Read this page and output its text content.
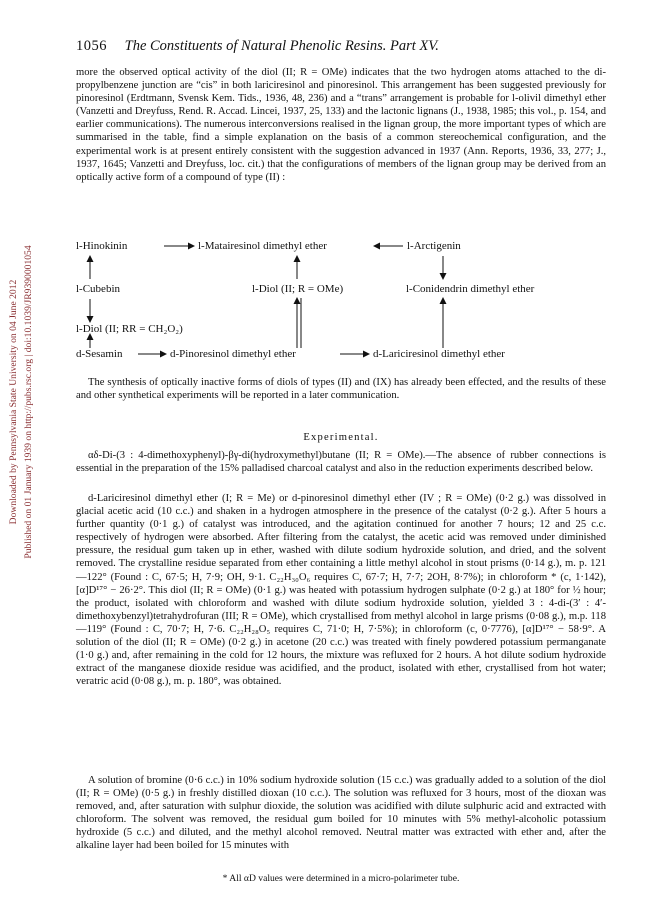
Downloaded by Pennsylvania State University on 04 June 2012 Published on 01 January 1939 on http://pubs.rsc.org | doi:10.1039/JR9390001054
1056 The Constituents of Natural Phenolic Resins. Part XV.

more the observed optical activity of the diol (II; R = OMe) indicates that the two hydrogen atoms attached to the di-propylbenzene junction are “cis” in both lariciresinol and pinoresinol. This arrangement has been suggested previously for pinoresinol (Erdtmann, Svensk Kem. Tids., 1936, 48, 236) and a “trans” arrangement is probable for l-olivil dimethyl ether (Vanzetti and Dreyfuss, Rend. R. Accad. Lincei, 1937, 25, 133) and the lactonic lignans (J., 1938, 1985; this vol., p. 154, and earlier communications). The numerous interconversions realised in the lignan group, the more important types of which are summarised in the table, find a simple explanation on the basis of a common stereochemical configuration, and the experimental work is at present entirely consistent with the suggestion advanced in 1937 (Ann. Reports, 1936, 33, 277; J., 1937, 1645; Vanzetti and Dreyfuss, loc. cit.) that the configurations of members of the lignan group may be derived from an optically active form of a compound of type (II) :

l-Hinokinin	l-Matairesinol dimethyl ether	l-Arctigenin
l-Cubebin	l-Diol (II; R = OMe)	l-Conidendrin dimethyl ether
l-Diol (II; RR = CH₂O₂)
d-Sesamin	d-Pinoresinol dimethyl ether	d-Lariciresinol dimethyl ether

The synthesis of optically inactive forms of diols of types (II) and (IX) has already been effected, and the results of these and other synthetical experiments will be reported in a later communication.

Experimental.

αδ-Di-(3 : 4-dimethoxyphenyl)-βγ-di(hydroxymethyl)butane (II; R = OMe).—The absence of rubber connections is essential in the preparation of the 15% palladised charcoal catalyst and also in the reduction experiments described below.

d-Lariciresinol dimethyl ether (I; R = Me) or d-pinoresinol dimethyl ether (IV ; R = OMe) (0·2 g.) was dissolved in glacial acetic acid (10 c.c.) and shaken in a hydrogen atmosphere in the presence of the catalyst (0·2 g.). After 5 hours a further quantity (0·1 g.) of catalyst was introduced, and the agitation continued for another 7 hours; 12 and 25 c.c. respectively of hydrogen were absorbed. After filtering from the catalyst, the acetic acid was removed under diminished pressure, the residual gum taken up in ether, washed with dilute sodium hydroxide solution, and dried, and the solvent removed. The crystalline residue separated from ether containing a little methyl alcohol in stout prisms (0·14 g.), m. p. 121—122° (Found : C, 67·5; H, 7·9; OH, 9·1. C₂₂H₃₀O₆ requires C, 67·7; H, 7·7; 2OH, 8·7%); in chloroform * (c, 1·142), [α]D¹⁷° − 26·2°. This diol (II; R = OMe) (0·1 g.) was heated with potassium hydrogen sulphate (0·2 g.) at 180° for ½ hour; the product, isolated with chloroform and washed with dilute sodium hydroxide solution, yielded 3 : 4-di-(3′ : 4′-dimethoxybenzyl)tetrahydrofuran (III; R = OMe), which crystallised from methyl alcohol in large prisms (0·08 g.), m.p. 118—119° (Found : C, 70·7; H, 7·6. C₂₂H₂₈O₅ requires C, 71·0; H, 7·5%); in chloroform (c, 0·7776), [α]D¹⁷° − 58·9°. A solution of the diol (II; R = OMe) (0·2 g.) in acetone (20 c.c.) was treated with finely powdered potassium permanganate (1·0 g.) and, after remaining in the cold for 12 hours, the mixture was refluxed for 2 hours. A hot dilute sodium hydroxide extract of the manganese dioxide residue was acidified, and the product, isolated with ether, crystallised from hot water; veratric acid (0·08 g.), m. p. 180°, was obtained.

A solution of bromine (0·6 c.c.) in 10% sodium hydroxide solution (15 c.c.) was gradually added to a solution of the diol (II; R = OMe) (0·5 g.) in freshly distilled dioxan (10 c.c.). The solution was refluxed for 3 hours, most of the dioxan was removed, and, after saturation with sulphur dioxide, the solution was acidified with dilute sulphuric acid and extracted with chloroform. The solvent was removed, the residual gum boiled for 10 minutes with 5% methyl-alcoholic potassium hydroxide (5 c.c.) and diluted, and the methyl alcohol removed. Neutral matter was extracted with ether and, after the alkaline layer had been boiled for 15 minutes with

* All αD values were determined in a micro-polarimeter tube.
